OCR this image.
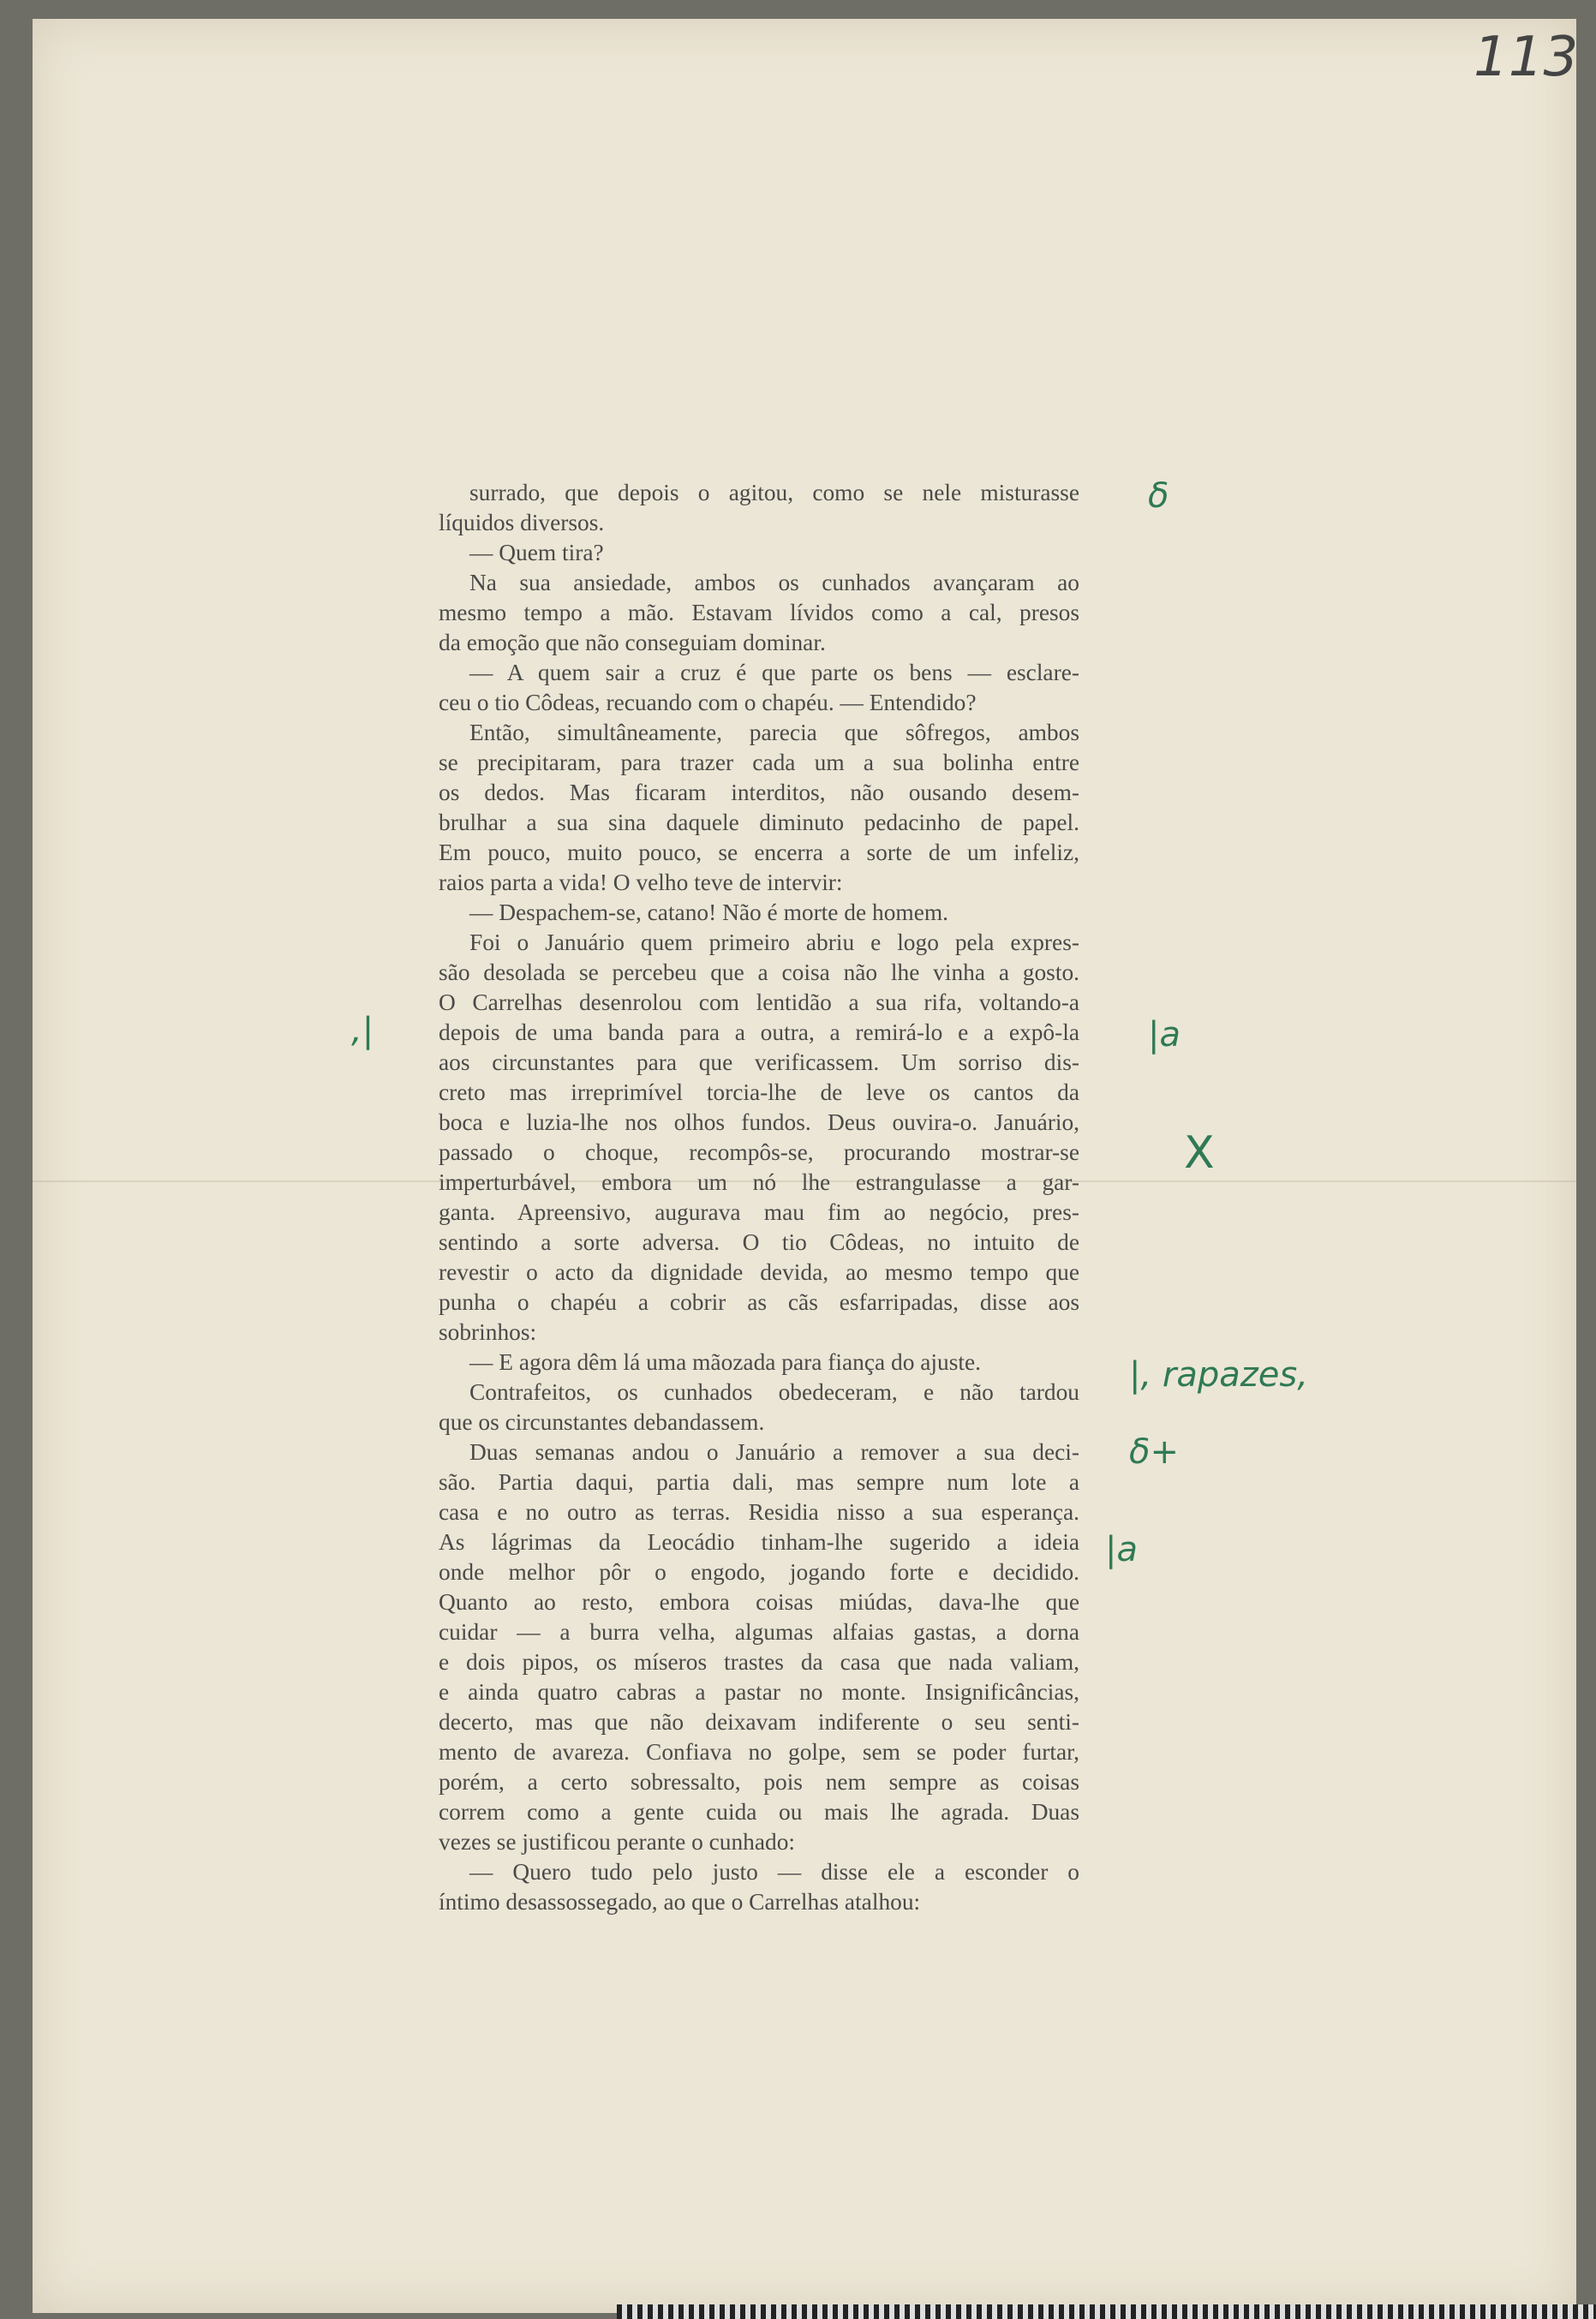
113

surrado, que depois o agitou, como se nele misturasse
líquidos diversos.

— Quem tira?

Na sua ansiedade, ambos os cunhados avançaram ao
mesmo tempo a mão. Estavam lívidos como a cal, presos
da emoção que não conseguiam dominar.

— A quem sair a cruz é que parte os bens — esclare-
ceu o tio Côdeas, recuando com o chapéu. — Entendido?

Então, simultâneamente, parecia que sôfregos, ambos
se precipitaram, para trazer cada um a sua bolinha entre
os dedos. Mas ficaram interditos, não ousando desem-
brulhar a sua sina daquele diminuto pedacinho de papel.
Em pouco, muito pouco, se encerra a sorte de um infeliz,
raios parta a vida! O velho teve de intervir:

— Despachem-se, catano! Não é morte de homem.

Foi o Januário quem primeiro abriu e logo pela expres-
são desolada se percebeu que a coisa não lhe vinha a gosto.
O Carrelhas desenrolou com lentidão a sua rifa, voltando-a
depois de uma banda para a outra, a remirá-lo e a expô-la
aos circunstantes para que verificassem. Um sorriso dis-
creto mas irreprimível torcia-lhe de leve os cantos da
boca e luzia-lhe nos olhos fundos. Deus ouvira-o. Januário,
passado o choque, recompôs-se, procurando mostrar-se
imperturbável, embora um nó lhe estrangulasse a gar-
ganta. Apreensivo, augurava mau fim ao negócio, pres-
sentindo a sorte adversa. O tio Côdeas, no intuito de
revestir o acto da dignidade devida, ao mesmo tempo que
punha o chapéu a cobrir as cãs esfarripadas, disse aos
sobrinhos:

— E agora dêm lá uma mãozada para fiança do ajuste.

Contrafeitos, os cunhados obedeceram, e não tardou
que os circunstantes debandassem.

Duas semanas andou o Januário a remover a sua deci-
são. Partia daqui, partia dali, mas sempre num lote a
casa e no outro as terras. Residia nisso a sua esperança.
As lágrimas da Leocádio tinham-lhe sugerido a ideia
onde melhor pôr o engodo, jogando forte e decidido.
Quanto ao resto, embora coisas miúdas, dava-lhe que
cuidar — a burra velha, algumas alfaias gastas, a dorna
e dois pipos, os míseros trastes da casa que nada valiam,
e ainda quatro cabras a pastar no monte. Insignificâncias,
decerto, mas que não deixavam indiferente o seu senti-
mento de avareza. Confiava no golpe, sem se poder furtar,
porém, a certo sobressalto, pois nem sempre as coisas
correm como a gente cuida ou mais lhe agrada. Duas
vezes se justificou perante o cunhado:

— Quero tudo pelo justo — disse ele a esconder o
íntimo desassossegado, ao que o Carrelhas atalhou:

δ
,|	|a
X
|, rapazes,
δ+
|a
